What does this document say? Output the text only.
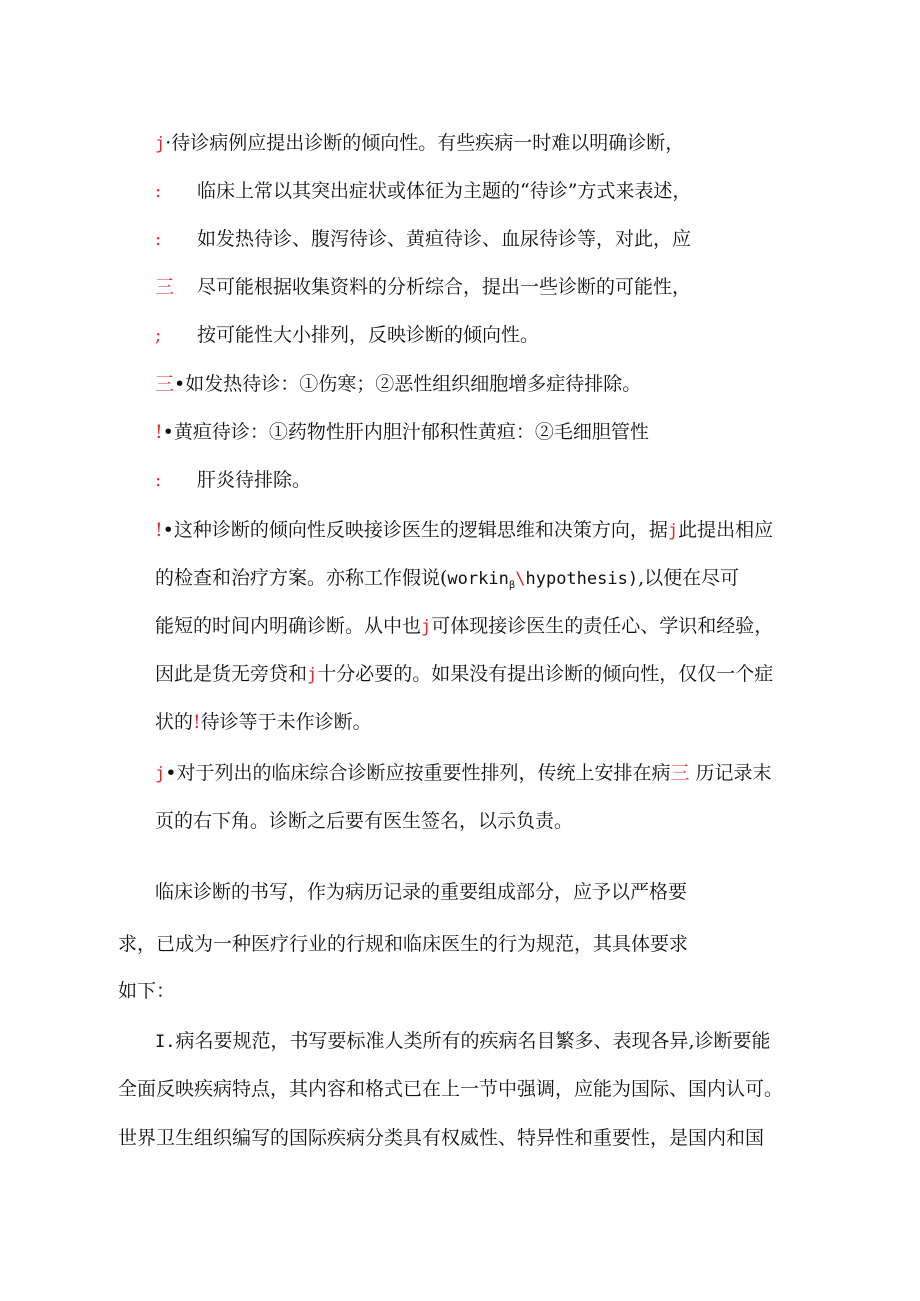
j·待诊病例应提出诊断的倾向性。有些疾病一时难以明确诊断，
: 临床上常以其突出症状或体征为主题的“待诊”方式来表述，
: 如发热待诊、腹泻待诊、黄疸待诊、血尿待诊等，对此，应
三 尽可能根据收集资料的分析综合，提出一些诊断的可能性，
; 按可能性大小排列，反映诊断的倾向性。
三•如发热待诊：①伤寒；②恶性组织细胞增多症待排除。
!•黄疸待诊：①药物性肝内胆汁郁积性黄疸：②毛细胆管性
: 肝炎待排除。
!•这种诊断的倾向性反映接诊医生的逻辑思维和决策方向，据j此提出相应
的检查和治疗方案。亦称工作假说(workin$_\beta$\hypothesis),以便在尽可
能短的时间内明确诊断。从中也j可体现接诊医生的责任心、学识和经验，
因此是货无旁贷和j十分必要的。如果没有提出诊断的倾向性，仅仅一个症
状的!待诊等于未作诊断。
j•对于列出的临床综合诊断应按重要性排列，传统上安排在病三 历记录末
页的右下角。诊断之后要有医生签名，以示负责。
临床诊断的书写，作为病历记录的重要组成部分，应予以严格要
求，已成为一种医疗行业的行规和临床医生的行为规范，其具体要求
如下：
I.病名要规范，书写要标准人类所有的疾病名目繁多、表现各异,诊断要能
全面反映疾病特点，其内容和格式已在上一节中强调，应能为国际、国内认可。
世界卫生组织编写的国际疾病分类具有权威性、特异性和重要性，是国内和国
